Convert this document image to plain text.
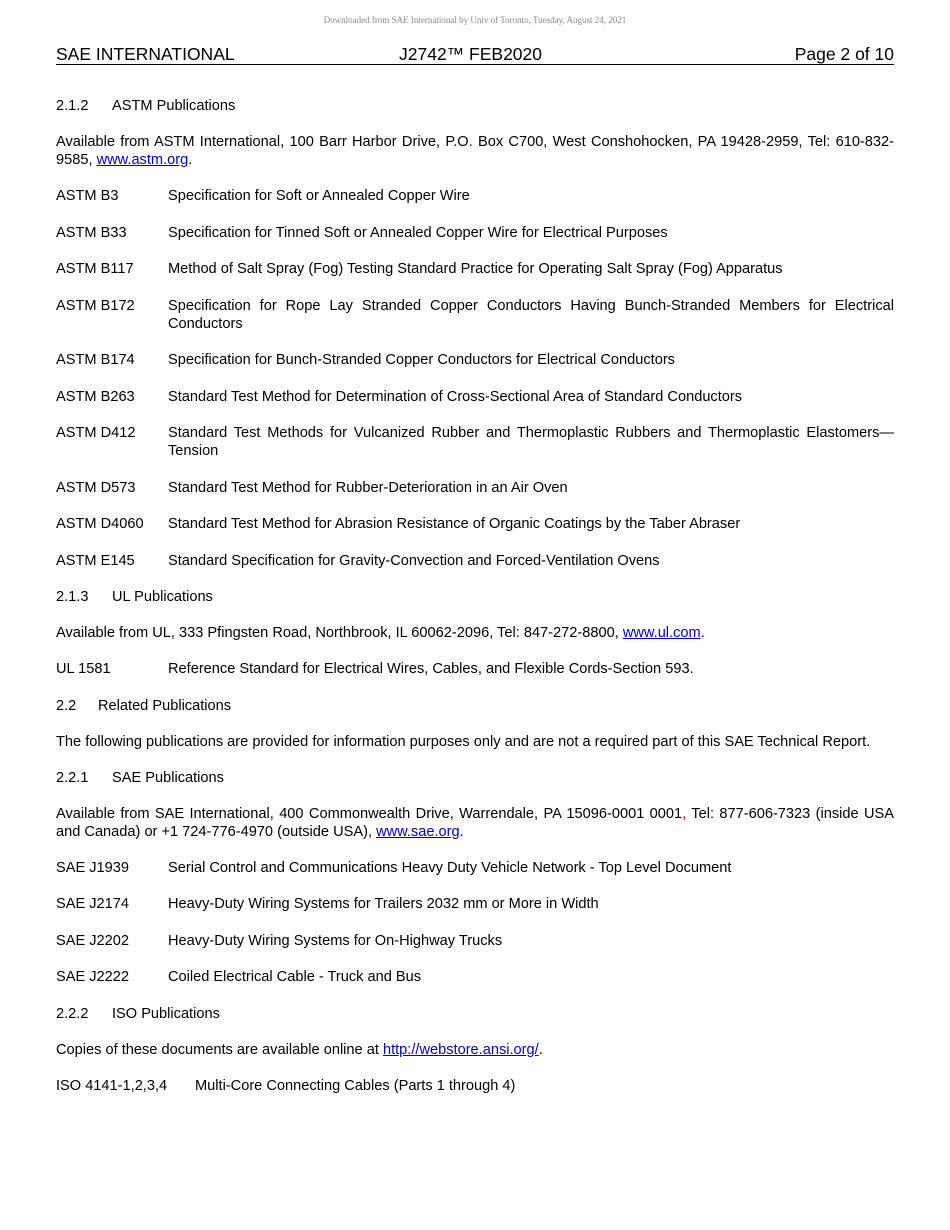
Downloaded from SAE International by Univ of Toronto, Tuesday, August 24, 2021
SAE INTERNATIONAL	J2742™ FEB2020	Page 2 of 10
2.1.2 ASTM Publications
Available from ASTM International, 100 Barr Harbor Drive, P.O. Box C700, West Conshohocken, PA 19428-2959, Tel: 610-832-9585, www.astm.org.
ASTM B3	Specification for Soft or Annealed Copper Wire
ASTM B33	Specification for Tinned Soft or Annealed Copper Wire for Electrical Purposes
ASTM B117	Method of Salt Spray (Fog) Testing Standard Practice for Operating Salt Spray (Fog) Apparatus
ASTM B172	Specification for Rope Lay Stranded Copper Conductors Having Bunch-Stranded Members for Electrical Conductors
ASTM B174	Specification for Bunch-Stranded Copper Conductors for Electrical Conductors
ASTM B263	Standard Test Method for Determination of Cross-Sectional Area of Standard Conductors
ASTM D412	Standard Test Methods for Vulcanized Rubber and Thermoplastic Rubbers and Thermoplastic Elastomers—Tension
ASTM D573	Standard Test Method for Rubber-Deterioration in an Air Oven
ASTM D4060	Standard Test Method for Abrasion Resistance of Organic Coatings by the Taber Abraser
ASTM E145	Standard Specification for Gravity-Convection and Forced-Ventilation Ovens
2.1.3 UL Publications
Available from UL, 333 Pfingsten Road, Northbrook, IL 60062-2096, Tel: 847-272-8800, www.ul.com.
UL 1581	Reference Standard for Electrical Wires, Cables, and Flexible Cords-Section 593.
2.2 Related Publications
The following publications are provided for information purposes only and are not a required part of this SAE Technical Report.
2.2.1 SAE Publications
Available from SAE International, 400 Commonwealth Drive, Warrendale, PA 15096-0001 0001, Tel: 877-606-7323 (inside USA and Canada) or +1 724-776-4970 (outside USA), www.sae.org.
SAE J1939	Serial Control and Communications Heavy Duty Vehicle Network - Top Level Document
SAE J2174	Heavy-Duty Wiring Systems for Trailers 2032 mm or More in Width
SAE J2202	Heavy-Duty Wiring Systems for On-Highway Trucks
SAE J2222	Coiled Electrical Cable - Truck and Bus
2.2.2 ISO Publications
Copies of these documents are available online at http://webstore.ansi.org/.
ISO 4141-1,2,3,4	Multi-Core Connecting Cables (Parts 1 through 4)
